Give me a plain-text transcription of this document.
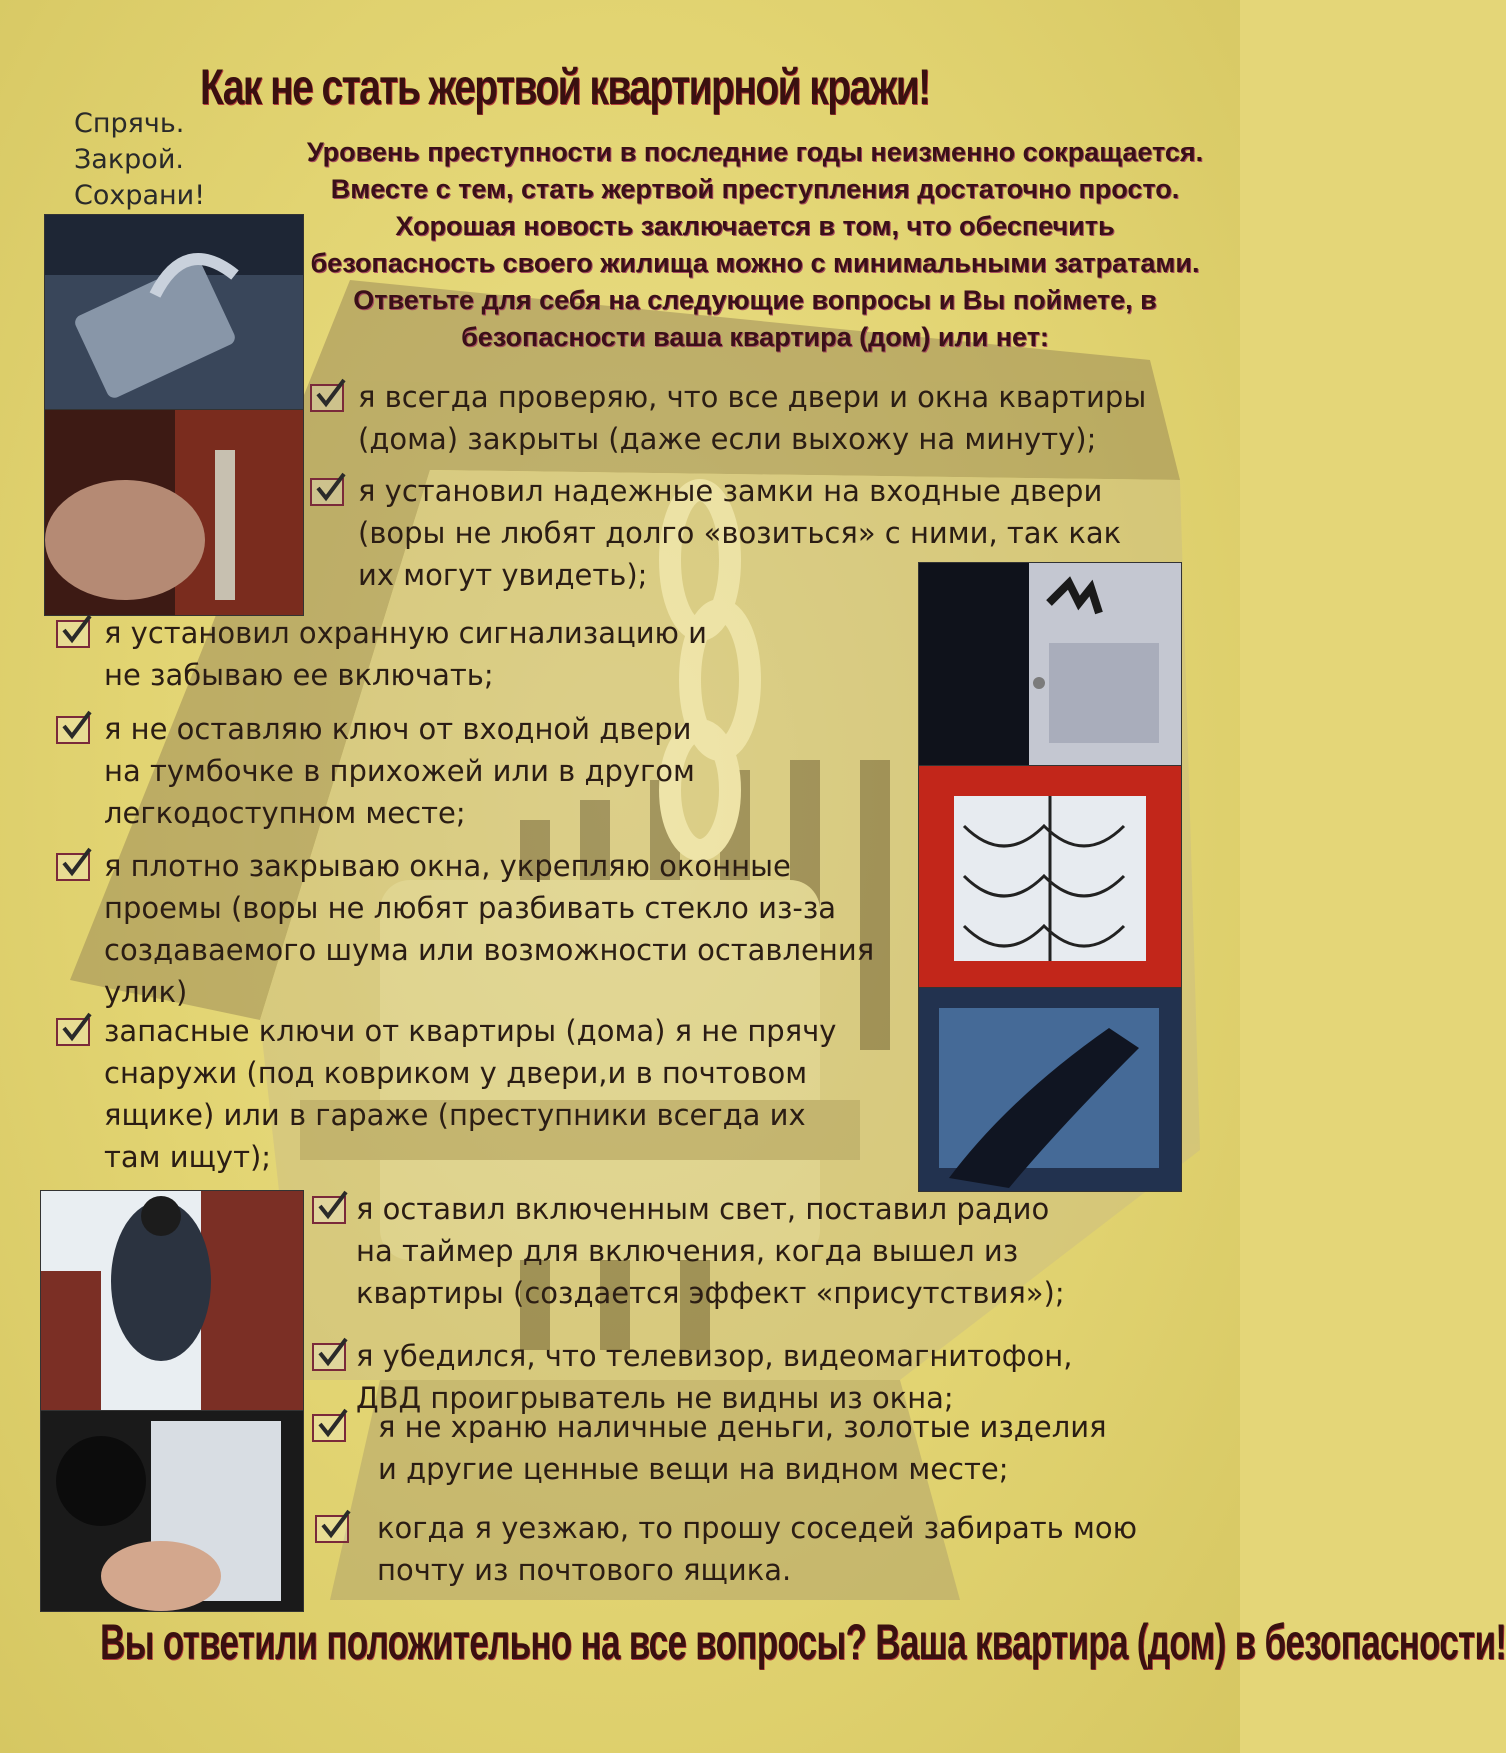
Как не стать жертвой квартирной кражи!
Спрячь.
Закрой.
Сохрани!
Уровень преступности в последние годы неизменно сокращается. Вместе с тем, стать жертвой преступления достаточно просто. Хорошая новость заключается в том, что обеспечить безопасность своего жилища можно с минимальными затратами. Ответьте для себя на следующие вопросы и Вы поймете, в безопасности ваша квартира (дом) или нет:
я всегда проверяю, что все двери и окна квартиры
(дома) закрыты (даже если выхожу на минуту);
я установил надежные замки на входные двери
(воры не любят долго «возиться» с ними, так как
их могут увидеть);
я установил охранную сигнализацию и
не забываю ее включать;
я не оставляю ключ от входной двери
на тумбочке в прихожей или в другом
легкодоступном месте;
я плотно закрываю окна, укрепляю оконные
проемы (воры не любят разбивать стекло из-за
создаваемого шума или возможности оставления
улик)
запасные ключи от квартиры (дома) я не прячу
снаружи (под ковриком у двери,и в почтовом
ящике) или в гараже (преступники всегда их
там ищут);
я оставил включенным свет, поставил радио
на таймер для включения, когда вышел из
квартиры (создается эффект «присутствия»);
я убедился, что телевизор, видеомагнитофон,
ДВД проигрыватель не видны из окна;
я не храню наличные деньги, золотые изделия
и другие ценные вещи на видном месте;
когда я уезжаю, то прошу соседей забирать мою
почту из почтового ящика.
Вы ответили положительно на все вопросы? Ваша квартира (дом) в безопасности!
